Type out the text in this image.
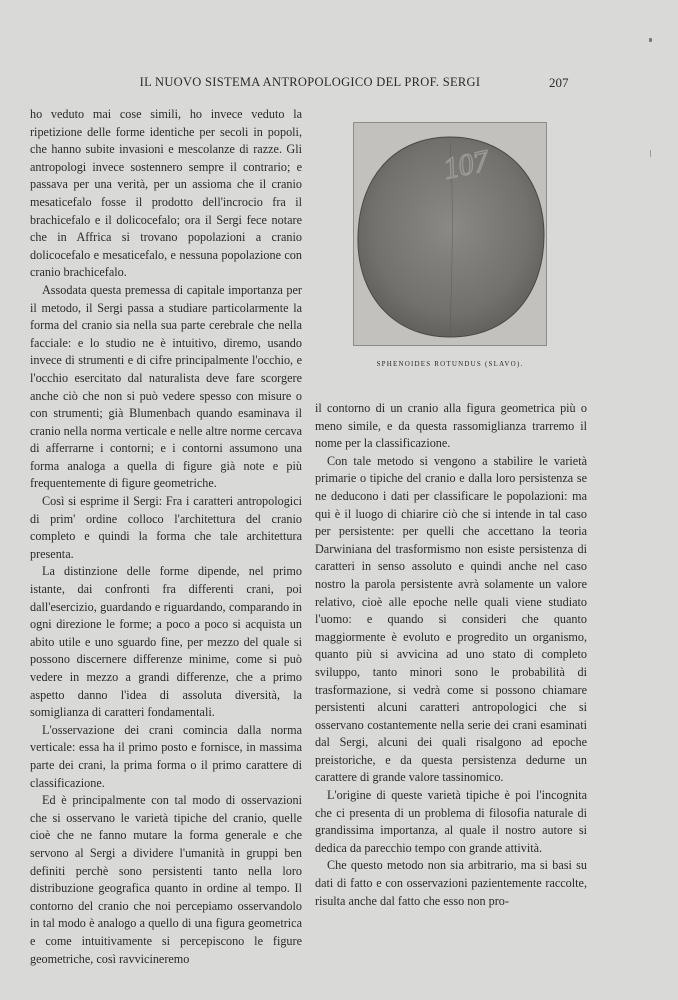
IL NUOVO SISTEMA ANTROPOLOGICO DEL PROF. SERGI	207

ho veduto mai cose simili, ho invece veduto la ripetizione delle forme identiche per secoli in popoli, che hanno subite invasioni e mescolanze di razze. Gli antropologi invece sostennero sempre il contrario; e passava per una verità, per un assioma che il cranio mesaticefalo fosse il prodotto dell'incrocio fra il brachicefalo e il dolicocefalo; ora il Sergi fece notare che in Affrica si trovano popolazioni a cranio dolicocefalo e mesaticefalo, e nessuna popolazione con cranio brachicefalo.

Assodata questa premessa di capitale importanza per il metodo, il Sergi passa a studiare particolarmente la forma del cranio sia nella sua parte cerebrale che nella facciale: e lo studio ne è intuitivo, diremo, usando invece di strumenti e di cifre principalmente l'occhio, e l'occhio esercitato dal naturalista deve fare scorgere anche ciò che non si può vedere spesso con misure o con strumenti; già Blumenbach quando esaminava il cranio nella norma verticale e nelle altre norme cercava di afferrarne i contorni; e i contorni assumono una forma analoga a quella di figure già note e più frequentemente di figure geometriche.

Così si esprime il Sergi: Fra i caratteri antropologici di prim' ordine colloco l'architettura del cranio completo e quindi la forma che tale architettura presenta.

La distinzione delle forme dipende, nel primo istante, dai confronti fra differenti crani, poi dall'esercizio, guardando e riguardando, comparando in ogni direzione le forme; a poco a poco si acquista un abito utile e uno sguardo fine, per mezzo del quale si possono discernere differenze minime, come si può vedere in mezzo a grandi differenze, che a primo aspetto danno l'idea di assoluta diversità, la somiglianza di caratteri fondamentali.

L'osservazione dei crani comincia dalla norma verticale: essa ha il primo posto e fornisce, in massima parte dei crani, la prima forma o il primo carattere di classificazione.

Ed è principalmente con tal modo di osservazioni che si osservano le varietà tipiche del cranio, quelle cioè che ne fanno mutare la forma generale e che servono al Sergi a dividere l'umanità in gruppi ben definiti perchè sono persistenti tanto nella loro distribuzione geografica quanto in ordine al tempo. Il contorno del cranio che noi percepiamo osservandolo in tal modo è analogo a quello di una figura geometrica e come intuitivamente si percepiscono le figure geometriche, così ravvicineremo

107
SPHENOIDES ROTUNDUS (SLAVO).

il contorno di un cranio alla figura geometrica più o meno simile, e da questa rassomiglianza trarremo il nome per la classificazione.

Con tale metodo si vengono a stabilire le varietà primarie o tipiche del cranio e dalla loro persistenza se ne deducono i dati per classificare le popolazioni: ma qui è il luogo di chiarire ciò che si intende in tal caso per persistente: per quelli che accettano la teoria Darwiniana del trasformismo non esiste persistenza di caratteri in senso assoluto e quindi anche nel caso nostro la parola persistente avrà solamente un valore relativo, cioè alle epoche nelle quali viene studiato l'uomo: e quando si consideri che quanto maggiormente è evoluto e progredito un organismo, quanto più si avvicina ad uno stato di completo sviluppo, tanto minori sono le probabilità di trasformazione, si vedrà come si possono chiamare persistenti alcuni caratteri antropologici che si osservano costantemente nella serie dei crani esaminati dal Sergi, alcuni dei quali risalgono ad epoche preistoriche, e da questa persistenza dedurne un carattere di grande valore tassinomico.

L'origine di queste varietà tipiche è poi l'incognita che ci presenta di un problema di filosofia naturale di grandissima importanza, al quale il nostro autore si dedica da parecchio tempo con grande attività.

Che questo metodo non sia arbitrario, ma si basi su dati di fatto e con osservazioni pazientemente raccolte, risulta anche dal fatto che esso non pro-
